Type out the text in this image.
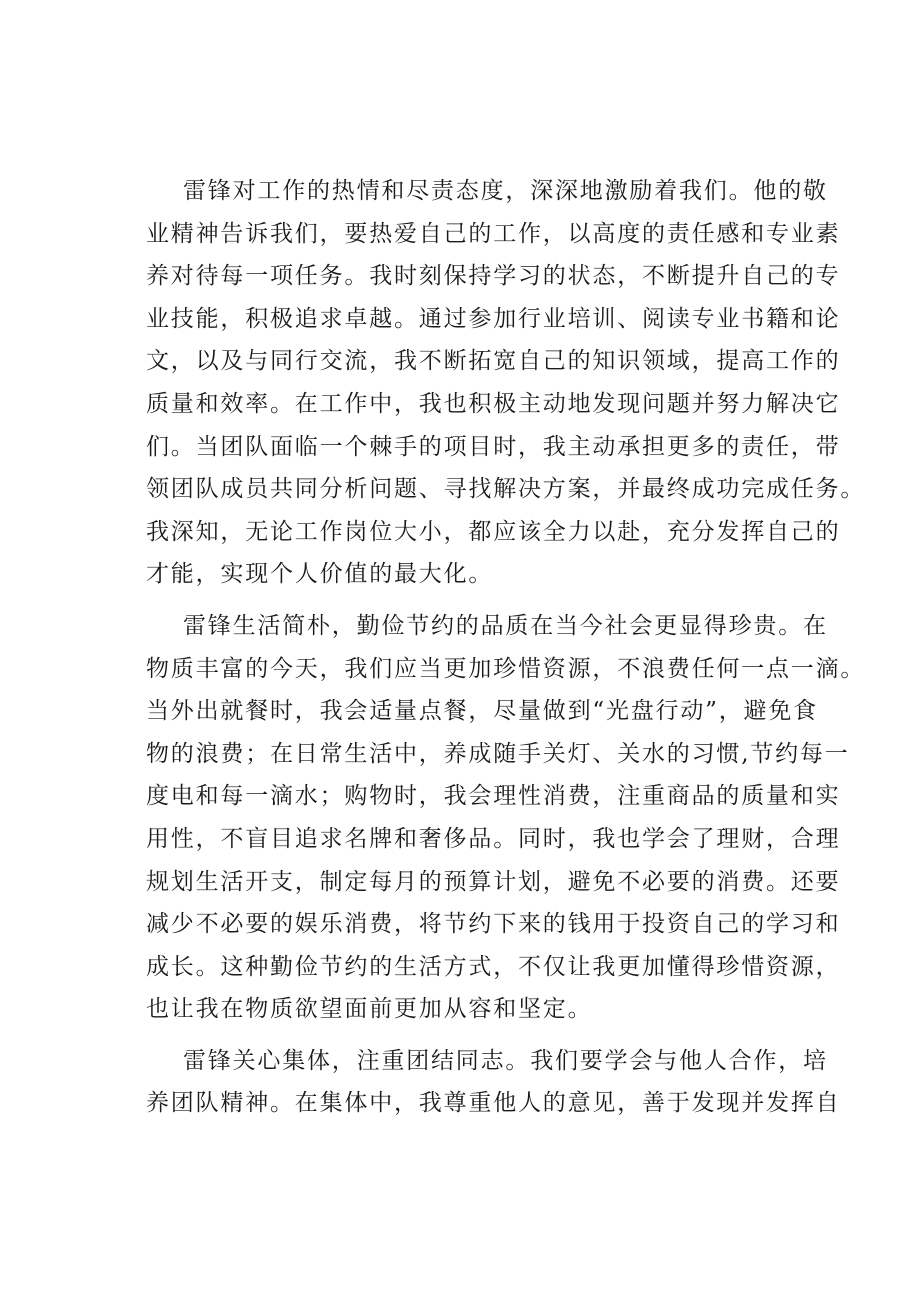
雷锋对工作的热情和尽责态度，深深地激励着我们。他的敬
业精神告诉我们，要热爱自己的工作，以高度的责任感和专业素
养对待每一项任务。我时刻保持学习的状态，不断提升自己的专
业技能，积极追求卓越。通过参加行业培训、阅读专业书籍和论
文，以及与同行交流，我不断拓宽自己的知识领域，提高工作的
质量和效率。在工作中，我也积极主动地发现问题并努力解决它
们。当团队面临一个棘手的项目时，我主动承担更多的责任，带
领团队成员共同分析问题、寻找解决方案，并最终成功完成任务。
我深知，无论工作岗位大小，都应该全力以赴，充分发挥自己的
才能，实现个人价值的最大化。
雷锋生活简朴，勤俭节约的品质在当今社会更显得珍贵。在
物质丰富的今天，我们应当更加珍惜资源，不浪费任何一点一滴。
当外出就餐时，我会适量点餐，尽量做到“光盘行动”，避免食
物的浪费；在日常生活中，养成随手关灯、关水的习惯,节约每一
度电和每一滴水；购物时，我会理性消费，注重商品的质量和实
用性，不盲目追求名牌和奢侈品。同时，我也学会了理财，合理
规划生活开支，制定每月的预算计划，避免不必要的消费。还要
减少不必要的娱乐消费，将节约下来的钱用于投资自己的学习和
成长。这种勤俭节约的生活方式，不仅让我更加懂得珍惜资源，
也让我在物质欲望面前更加从容和坚定。
雷锋关心集体，注重团结同志。我们要学会与他人合作，培
养团队精神。在集体中，我尊重他人的意见，善于发现并发挥自
